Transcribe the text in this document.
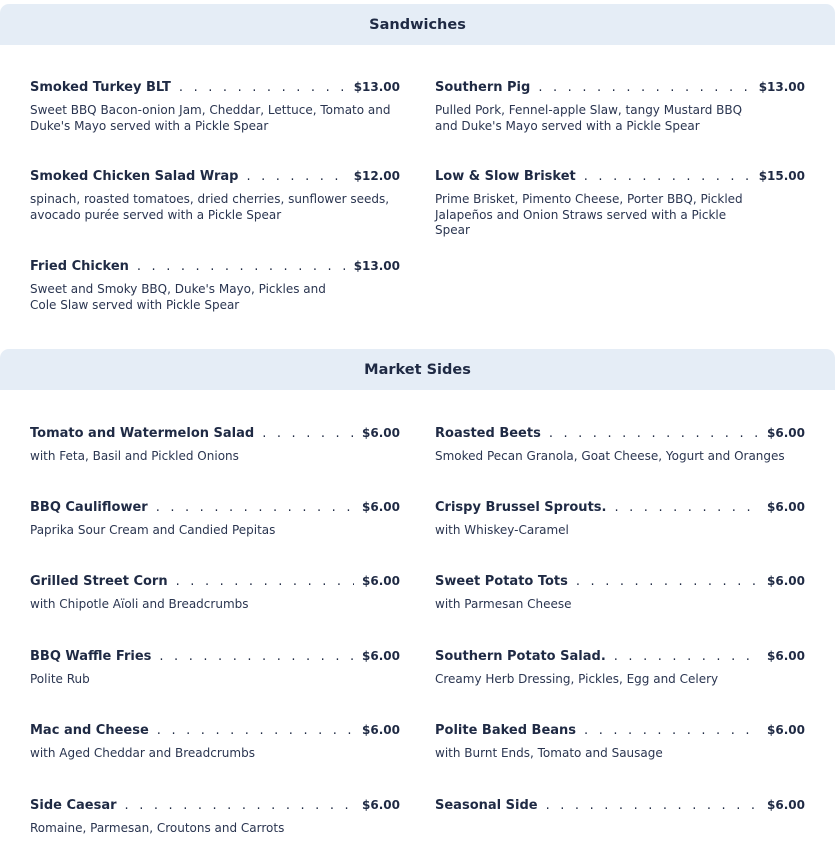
Sandwiches
Smoked Turkey BLT . . .	$13.00
Sweet BBQ Bacon-onion Jam, Cheddar, Lettuce, Tomato and Duke's Mayo served with a Pickle Spear
Southern Pig . . .	$13.00
Pulled Pork, Fennel-apple Slaw, tangy Mustard BBQ and Duke's Mayo served with a Pickle Spear
Smoked Chicken Salad Wrap . . .	$12.00
spinach, roasted tomatoes, dried cherries, sunflower seeds, avocado purée served with a Pickle Spear
Low & Slow Brisket . . .	$15.00
Prime Brisket, Pimento Cheese, Porter BBQ, Pickled Jalapeños and Onion Straws served with a Pickle Spear
Fried Chicken . . .	$13.00
Sweet and Smoky BBQ, Duke's Mayo, Pickles and Cole Slaw served with Pickle Spear
Market Sides
Tomato and Watermelon Salad . . .	$6.00
with Feta, Basil and Pickled Onions
Roasted Beets . . .	$6.00
Smoked Pecan Granola, Goat Cheese, Yogurt and Oranges
BBQ Cauliflower . . .	$6.00
Paprika Sour Cream and Candied Pepitas
Crispy Brussel Sprouts. . . .	$6.00
with Whiskey-Caramel
Grilled Street Corn . . .	$6.00
with Chipotle Aïoli and Breadcrumbs
Sweet Potato Tots . . .	$6.00
with Parmesan Cheese
BBQ Waffle Fries . . .	$6.00
Polite Rub
Southern Potato Salad. . . .	$6.00
Creamy Herb Dressing, Pickles, Egg and Celery
Mac and Cheese . . .	$6.00
with Aged Cheddar and Breadcrumbs
Polite Baked Beans . . .	$6.00
with Burnt Ends, Tomato and Sausage
Side Caesar . . .	$6.00
Romaine, Parmesan, Croutons and Carrots
Seasonal Side . . .	$6.00
